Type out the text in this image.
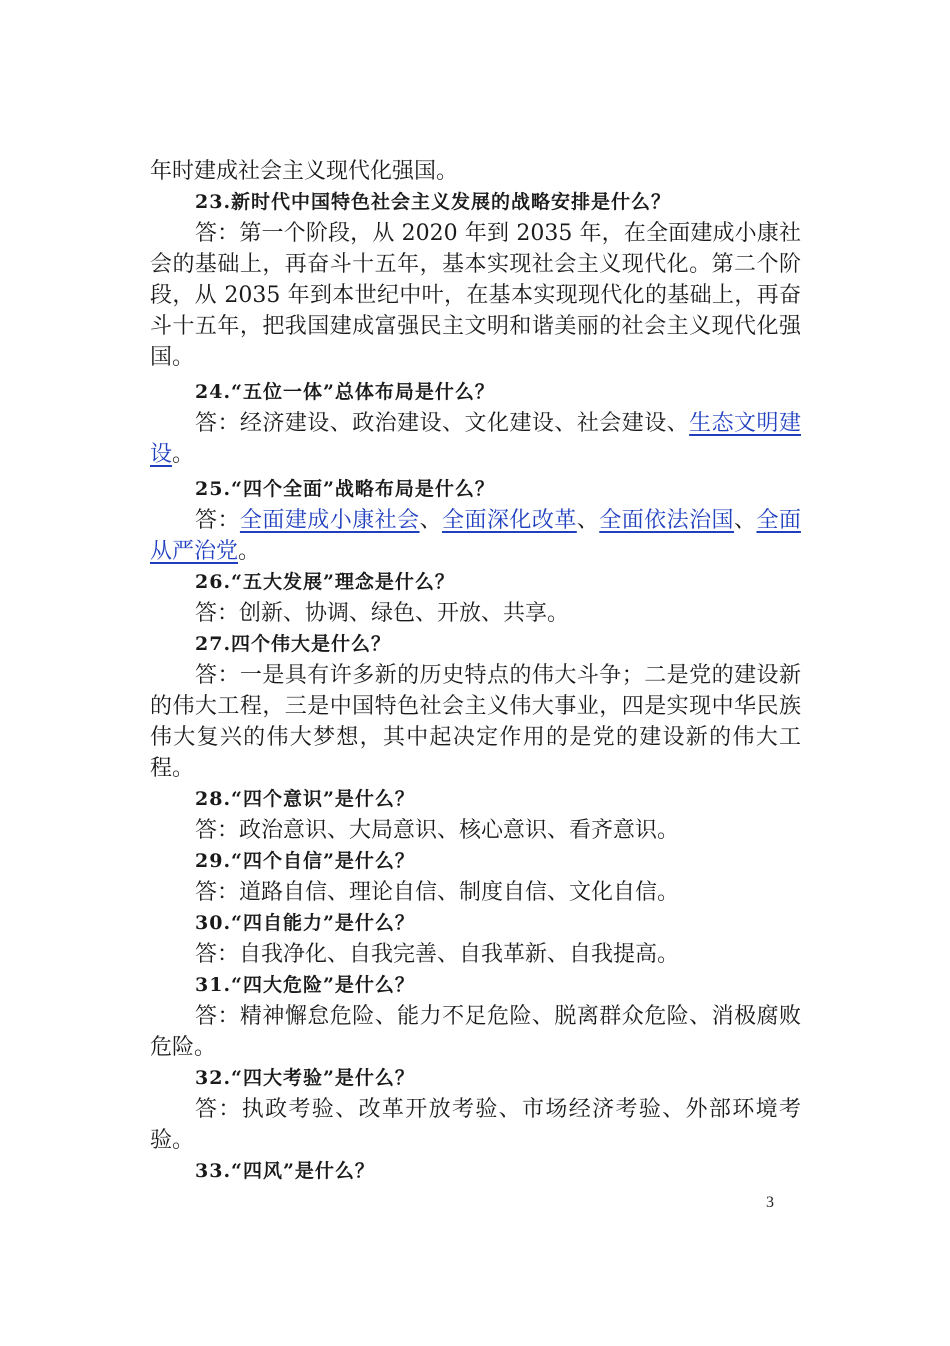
年时建成社会主义现代化强国。

23.新时代中国特色社会主义发展的战略安排是什么？

答：第一个阶段，从 2020 年到 2035 年，在全面建成小康社会的基础上，再奋斗十五年，基本实现社会主义现代化。第二个阶段，从 2035 年到本世纪中叶，在基本实现现代化的基础上，再奋斗十五年，把我国建成富强民主文明和谐美丽的社会主义现代化强国。

24.“五位一体”总体布局是什么？

答：经济建设、政治建设、文化建设、社会建设、生态文明建设。

25.“四个全面”战略布局是什么？

答：全面建成小康社会、全面深化改革、全面依法治国、全面从严治党。

26.“五大发展”理念是什么？

答：创新、协调、绿色、开放、共享。

27.四个伟大是什么？

答：一是具有许多新的历史特点的伟大斗争；二是党的建设新的伟大工程，三是中国特色社会主义伟大事业，四是实现中华民族伟大复兴的伟大梦想，其中起决定作用的是党的建设新的伟大工程。

28.“四个意识”是什么？

答：政治意识、大局意识、核心意识、看齐意识。

29.“四个自信”是什么？

答：道路自信、理论自信、制度自信、文化自信。

30.“四自能力”是什么？

答：自我净化、自我完善、自我革新、自我提高。

31.“四大危险”是什么？

答：精神懈怠危险、能力不足危险、脱离群众危险、消极腐败危险。

32.“四大考验”是什么？

答：执政考验、改革开放考验、市场经济考验、外部环境考验。

33.“四风”是什么？

3
